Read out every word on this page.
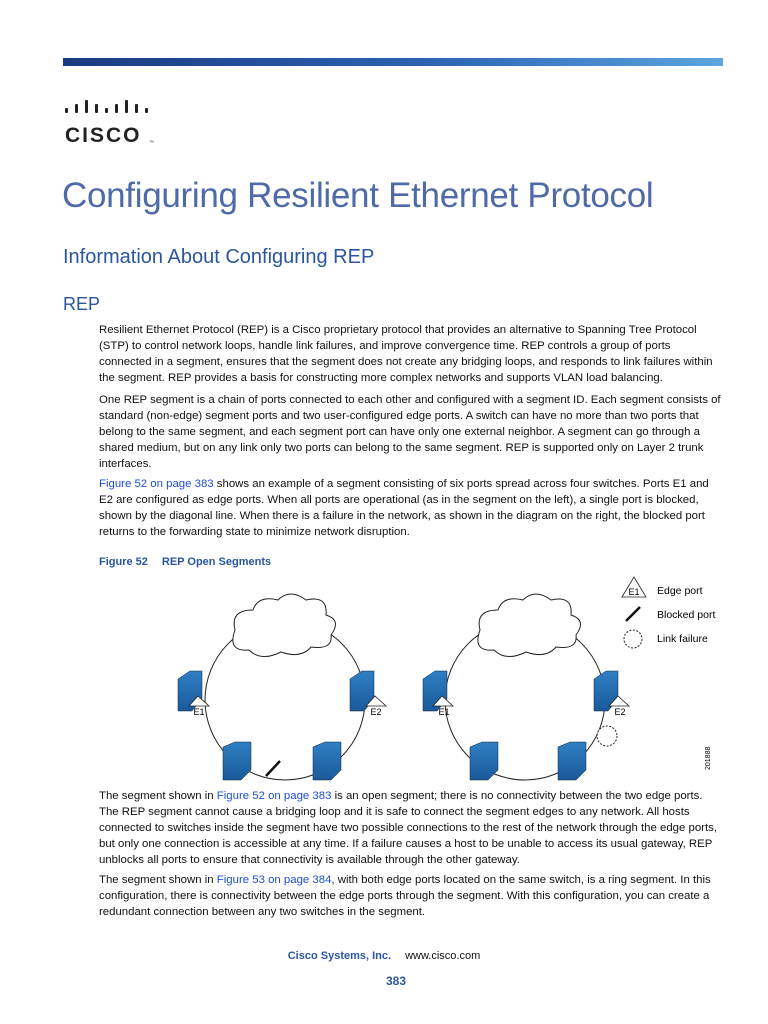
CISCO ™
Configuring Resilient Ethernet Protocol
Information About Configuring REP
REP

Resilient Ethernet Protocol (REP) is a Cisco proprietary protocol that provides an alternative to Spanning Tree Protocol (STP) to control network loops, handle link failures, and improve convergence time. REP controls a group of ports connected in a segment, ensures that the segment does not create any bridging loops, and responds to link failures within the segment. REP provides a basis for constructing more complex networks and supports VLAN load balancing.

One REP segment is a chain of ports connected to each other and configured with a segment ID. Each segment consists of standard (non-edge) segment ports and two user-configured edge ports. A switch can have no more than two ports that belong to the same segment, and each segment port can have only one external neighbor. A segment can go through a shared medium, but on any link only two ports can belong to the same segment. REP is supported only on Layer 2 trunk interfaces.

Figure 52 on page 383 shows an example of a segment consisting of six ports spread across four switches. Ports E1 and E2 are configured as edge ports. When all ports are operational (as in the segment on the left), a single port is blocked, shown by the diagonal line. When there is a failure in the network, as shown in the diagram on the right, the blocked port returns to the forwarding state to minimize network disruption.

Figure 52 REP Open Segments
E1	E2	E1	E2
E1 Edge port
Blocked port
Link failure
201888

The segment shown in Figure 52 on page 383 is an open segment; there is no connectivity between the two edge ports. The REP segment cannot cause a bridging loop and it is safe to connect the segment edges to any network. All hosts connected to switches inside the segment have two possible connections to the rest of the network through the edge ports, but only one connection is accessible at any time. If a failure causes a host to be unable to access its usual gateway, REP unblocks all ports to ensure that connectivity is available through the other gateway.

The segment shown in Figure 53 on page 384, with both edge ports located on the same switch, is a ring segment. In this configuration, there is connectivity between the edge ports through the segment. With this configuration, you can create a redundant connection between any two switches in the segment.

Cisco Systems, Inc. www.cisco.com
383
